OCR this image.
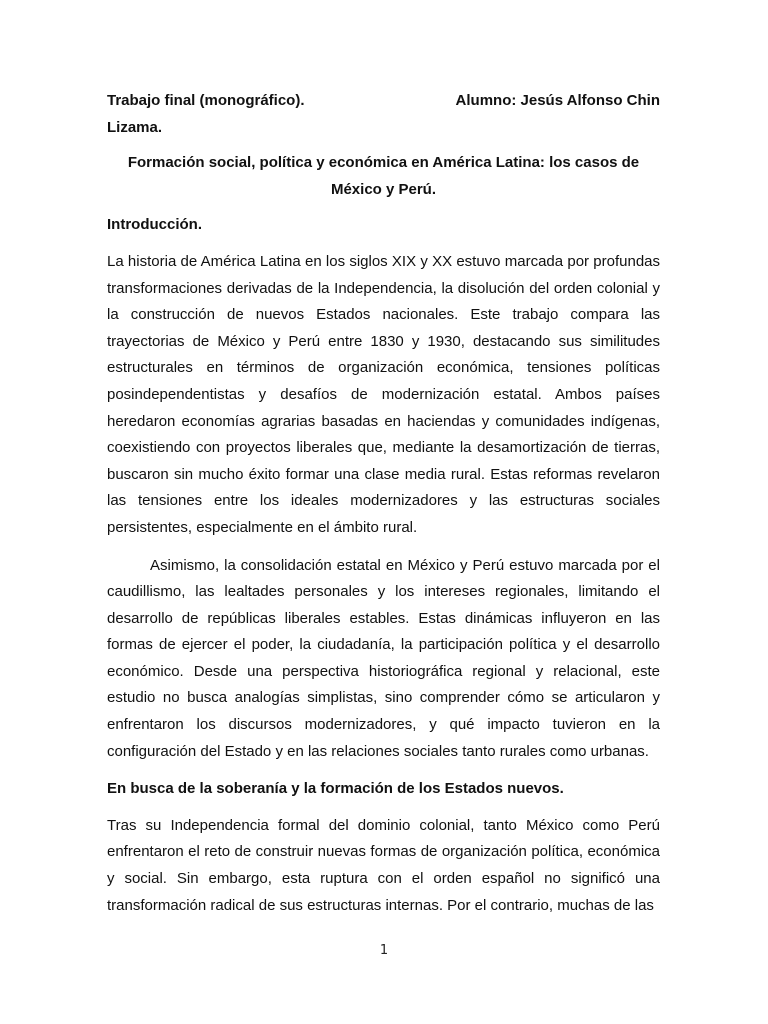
Trabajo final (monográfico).	Alumno: Jesús Alfonso Chin

Lizama.

Formación social, política y económica en América Latina: los casos de México y Perú.

Introducción.

La historia de América Latina en los siglos XIX y XX estuvo marcada por profundas transformaciones derivadas de la Independencia, la disolución del orden colonial y la construcción de nuevos Estados nacionales. Este trabajo compara las trayectorias de México y Perú entre 1830 y 1930, destacando sus similitudes estructurales en términos de organización económica, tensiones políticas posindependentistas y desafíos de modernización estatal. Ambos países heredaron economías agrarias basadas en haciendas y comunidades indígenas, coexistiendo con proyectos liberales que, mediante la desamortización de tierras, buscaron sin mucho éxito formar una clase media rural. Estas reformas revelaron las tensiones entre los ideales modernizadores y las estructuras sociales persistentes, especialmente en el ámbito rural.

Asimismo, la consolidación estatal en México y Perú estuvo marcada por el caudillismo, las lealtades personales y los intereses regionales, limitando el desarrollo de repúblicas liberales estables. Estas dinámicas influyeron en las formas de ejercer el poder, la ciudadanía, la participación política y el desarrollo económico. Desde una perspectiva historiográfica regional y relacional, este estudio no busca analogías simplistas, sino comprender cómo se articularon y enfrentaron los discursos modernizadores, y qué impacto tuvieron en la configuración del Estado y en las relaciones sociales tanto rurales como urbanas.

En busca de la soberanía y la formación de los Estados nuevos.

Tras su Independencia formal del dominio colonial, tanto México como Perú enfrentaron el reto de construir nuevas formas de organización política, económica y social. Sin embargo, esta ruptura con el orden español no significó una transformación radical de sus estructuras internas. Por el contrario, muchas de las

1
